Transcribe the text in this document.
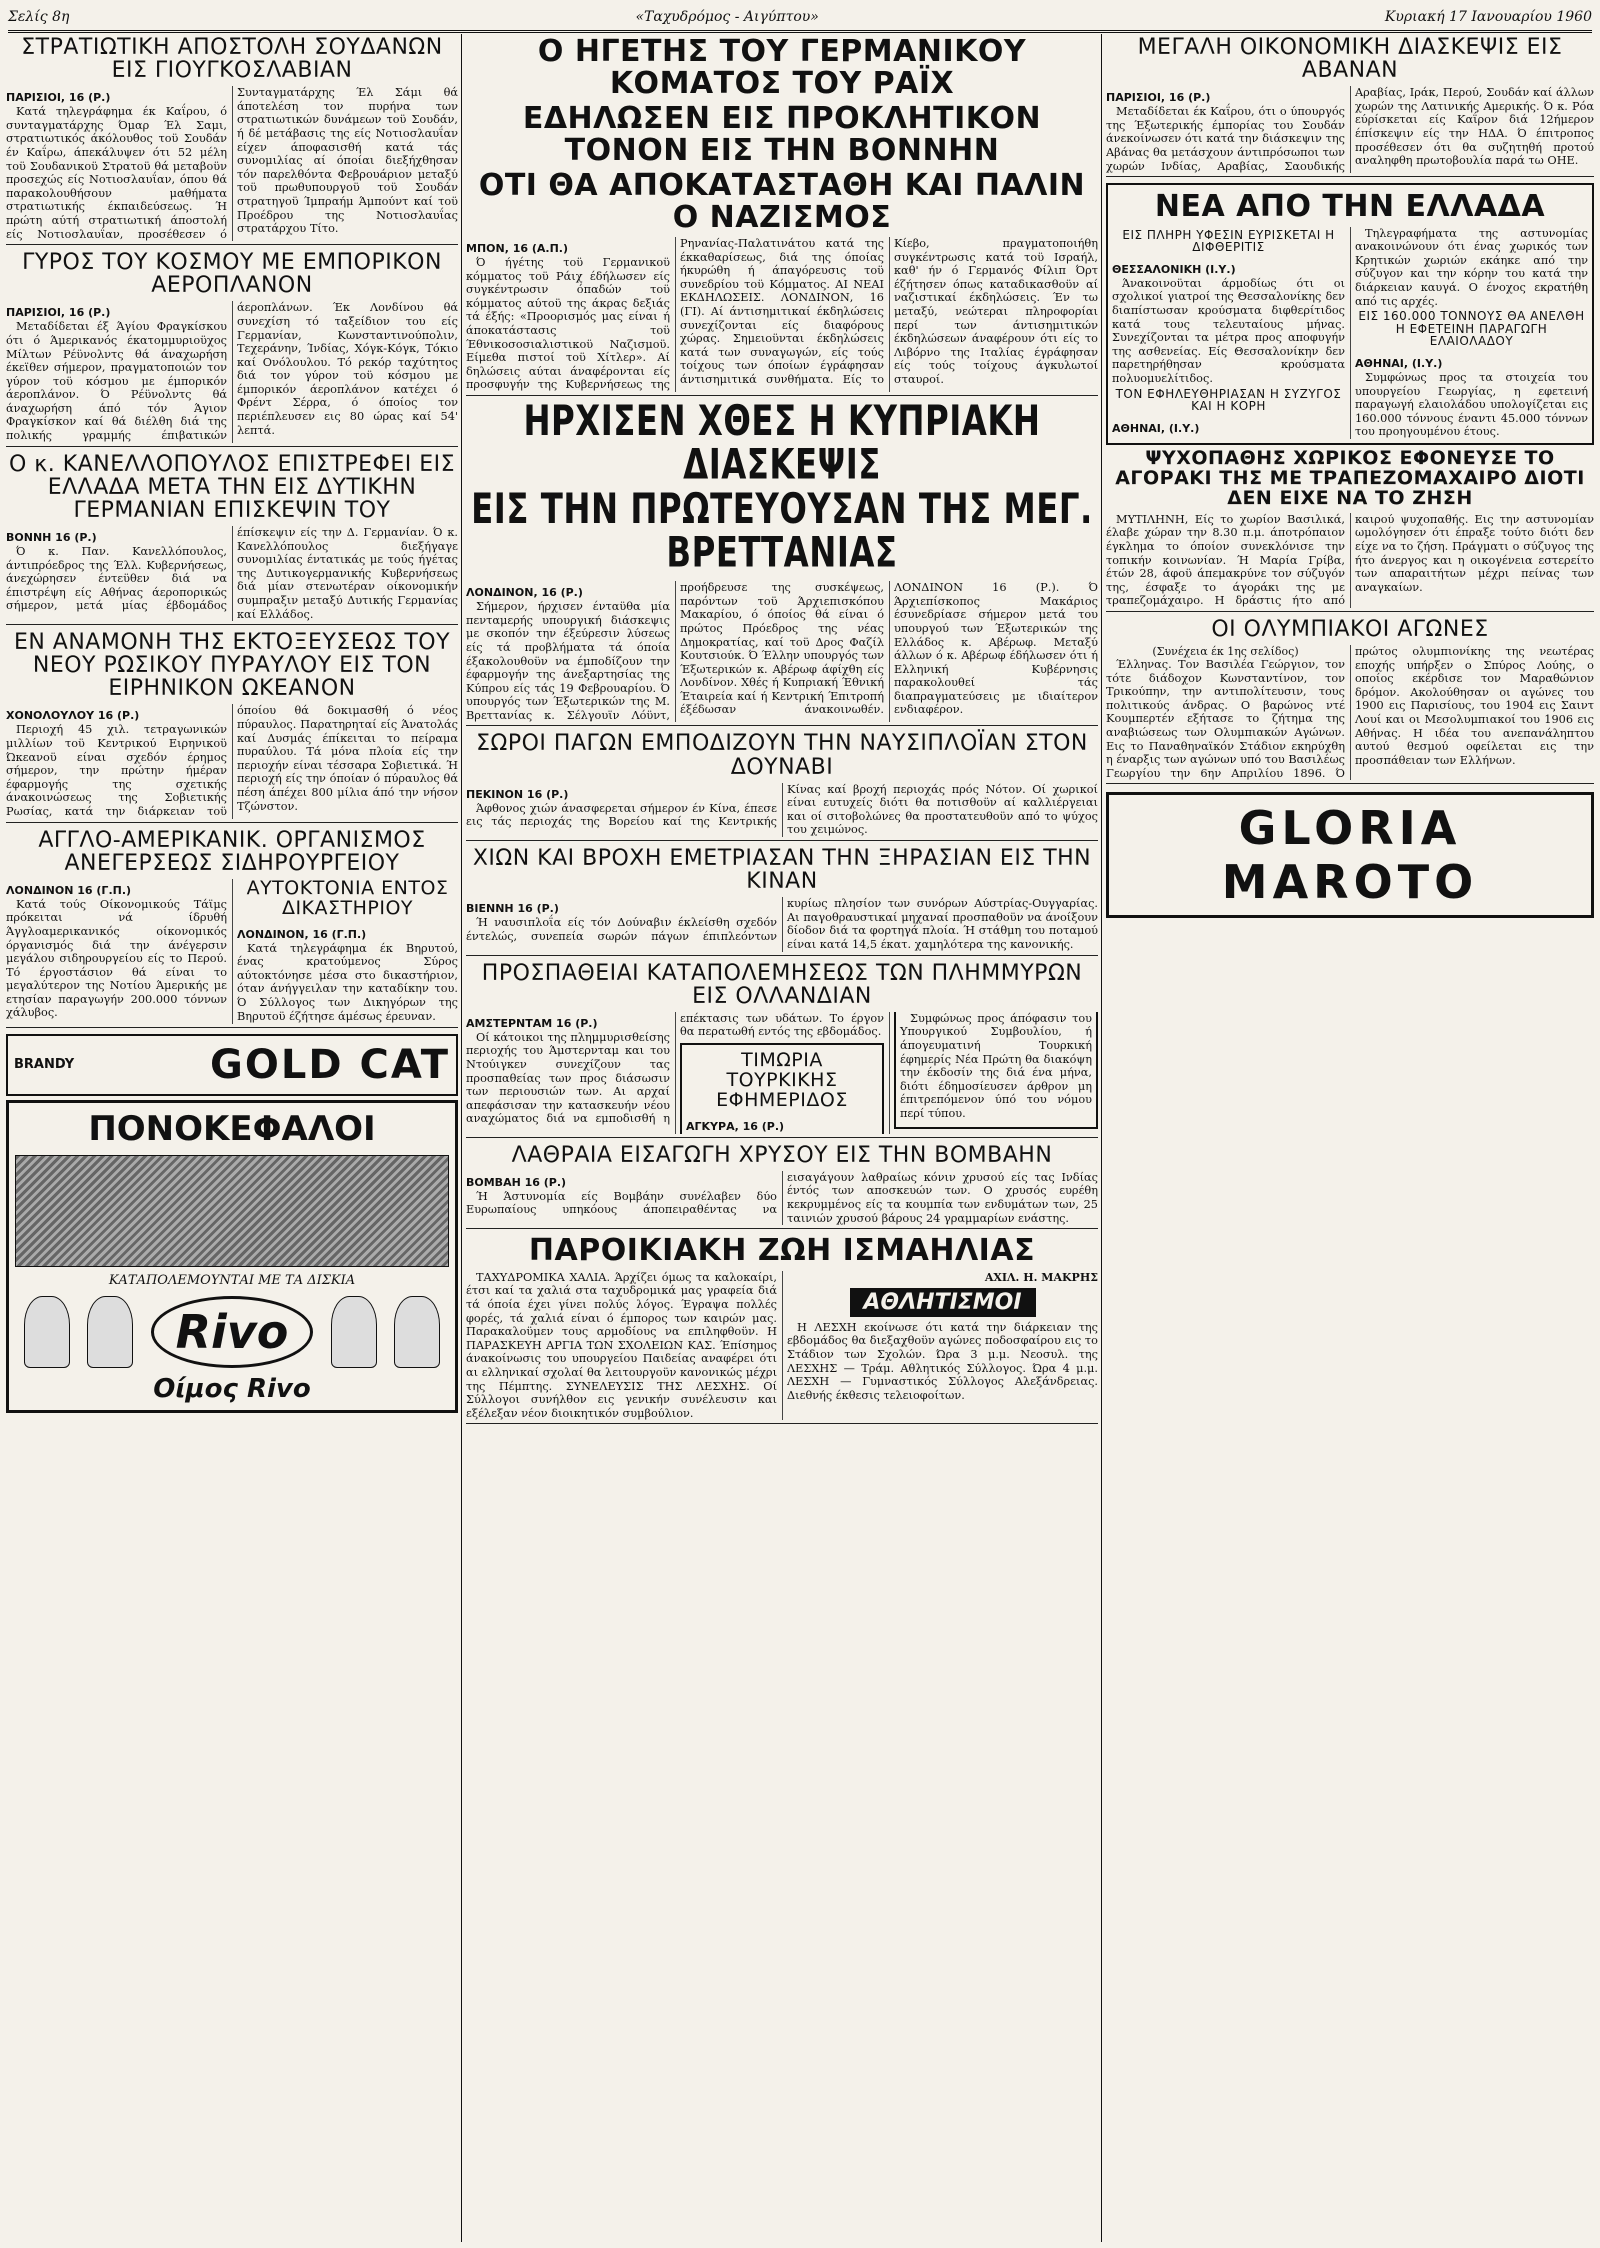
Σελίς 8η	«Ταχυδρόμος - Αιγύπτου»	Κυριακή 17 Ιανουαρίου 1960
ΣΤΡΑΤΙΩΤΙΚΗ ΑΠΟΣΤΟΛΗ ΣΟΥΔΑΝΩΝ ΕΙΣ ΓΙΟΥΓΚΟΣΛΑΒΙΑΝ
ΠΑΡΙΣΙΟΙ, 16 (Ρ.)

Κατά τηλεγράφημα έκ Καΐρου, ό συνταγματάρχης Όμαρ Έλ Σαμι, στρατιωτικός άκόλουθος τοϋ Σουδάν έν Καΐρω, άπεκάλυψεν ότι 52 μέλη τοϋ Σουδανικοϋ Στρατοϋ θά μεταβοϋν προσεχώς είς Νοτιοσλαυΐαν, όπου θά παρακολουθήσουν μαθήματα στρατιωτικής έκπαιδεύσεως. Ή πρώτη αύτή στρατιωτική άποστολή είς Νοτιοσλαυΐαν, προσέθεσεν ό Συνταγματάρχης Έλ Σάμι θά άποτελέση τον πυρήνα των στρατιωτικών δυνάμεων τοϋ Σουδάν, ή δέ μετάβασις της είς Νοτιοσλαυΐαν είχεν άποφασισθή κατά τάς συνομιλίας αί όποίαι διεξήχθησαν τόν παρελθόντα Φεβρουάριον μεταξύ τοϋ πρωθυπουργοϋ τοϋ Σουδάν στρατηγοϋ Ίμπραήμ Άμπούντ καί τοϋ Προέδρου της Νοτιοσλαυΐας στρατάρχου Τίτο.

ΓΥΡΟΣ ΤΟΥ ΚΟΣΜΟΥ ΜΕ ΕΜΠΟΡΙΚΟΝ ΑΕΡΟΠΛΑΝΟΝ
ΠΑΡΙΣΙΟΙ, 16 (Ρ.)

Μεταδίδεται έξ Άγίου Φραγκίσκου ότι ό Άμερικανός έκατομμυριοϋχος Μίλτων Ρέϋνολντς θά άναχωρήση έκεϊθεν σήμερον, πραγματοποιών τον γύρον τοϋ κόσμου με έμπορικόν άεροπλάνον. Ό Ρέϋνολντς θά άναχωρήση άπό τόν Άγιον Φραγκίσκον καί θά διέλθη διά της πολικής γραμμής έπιβατικών άεροπλάνων. Έκ Λονδίνου θά συνεχίση τό ταξείδιον του είς Γερμανίαν, Κωνσταντινούπολιν, Τεχεράνην, Ίνδίας, Χόγκ-Κόγκ, Τόκιο καί Ονόλουλου. Τό ρεκόρ ταχύτητος διά τον γύρον τοϋ κόσμου με έμπορικόν άεροπλάνον κατέχει ό Φρέντ Σέρρα, ό όποίος τον περιέπλευσεν εις 80 ώρας καί 54' λεπτά.

Ο κ. ΚΑΝΕΛΛΟΠΟΥΛΟΣ ΕΠΙΣΤΡΕΦΕΙ ΕΙΣ ΕΛΛΑΔΑ ΜΕΤΑ ΤΗΝ ΕΙΣ ΔΥΤΙΚΗΝ ΓΕΡΜΑΝΙΑΝ ΕΠΙΣΚΕΨΙΝ ΤΟΥ
ΒΟΝΝΗ 16 (Ρ.)

Ό κ. Παν. Κανελλόπουλος, άντιπρόεδρος της Έλλ. Κυβερνήσεως, άνεχώρησεν έντεϋθεν διά να έπιστρέψη είς Αθήνας άεροπορικώς σήμερον, μετά μίας έβδομάδος έπίσκεψιν είς την Δ. Γερμανίαν. Ό κ. Κανελλόπουλος διεξήγαγε συνομιλίας έντατικάς με τούς ήγέτας της Δυτικογερμανικής Κυβερνήσεως διά μίαν στενωτέραν οίκονομικήν συμπραξιν μεταξύ Δυτικής Γερμανίας καί Ελλάδος.

ΕΝ ΑΝΑΜΟΝΗ ΤΗΣ ΕΚΤΟΞΕΥΣΕΩΣ ΤΟΥ ΝΕΟΥ ΡΩΣΙΚΟΥ ΠΥΡΑΥΛΟΥ ΕΙΣ ΤΟΝ ΕΙΡΗΝΙΚΟΝ ΩΚΕΑΝΟΝ
ΧΟΝΟΛΟΥΛΟΥ 16 (Ρ.)

Περιοχή 45 χιλ. τετραγωνικών μιλλίων τοϋ Κεντρικού Ειρηνικοϋ Ώκεανοϋ είναι σχεδόν έρημος σήμερον, την πρώτην ήμέραν έφαρμογής της σχετικής άνακοινώσεως της Σοβιετικής Ρωσίας, κατά την διάρκειαν τοϋ όποίου θά δοκιμασθή ό νέος πύραυλος. Παρατηρηταί είς Άνατολάς καί Δυσμάς έπίκειται το πείραμα πυραύλου. Τά μόνα πλοία είς την περιοχήν είναι τέσσαρα Σοβιετικά. Ή περιοχή είς την όποίαν ό πύραυλος θά πέση άπέχει 800 μίλια άπό την νήσον Τζώνστον.

ΑΓΓΛΟ-ΑΜΕΡΙΚΑΝΙΚ. ΟΡΓΑΝΙΣΜΟΣ ΑΝΕΓΕΡΣΕΩΣ ΣΙΔΗΡΟΥΡΓΕΙΟΥ
ΛΟΝΔΙΝΟΝ 16 (Γ.Π.)

Κατά τούς Οίκονομικούς Τάϊμς πρόκειται νά ίδρυθή Άγγλοαμερικανικός οίκονομικός όργανισμός διά την άνέγερσιν μεγάλου σιδηρουργείου είς το Περού. Τό έργοστάσιον θά είναι το μεγαλύτερον της Νοτίου Άμερικής με ετησίαν παραγωγήν 200.000 τόννων χάλυβος.

ΑΥΤΟΚΤΟΝΙΑ ΕΝΤΟΣ ΔΙΚΑΣΤΗΡΙΟΥ
ΛΟΝΔΙΝΟΝ, 16 (Γ.Π.)

Κατά τηλεγράφημα έκ Βηρυτού, ένας κρατούμενος Σύρος αύτοκτόνησε μέσα στο δικαστήριον, όταν άνήγγειλαν την καταδίκην του. Ό Σύλλογος των Δικηγόρων της Βηρυτοϋ έζήτησε άμέσως έρευναν.

BRANDY	GOLD CAT
ΠΟΝΟΚΕΦΑΛΟΙ
ΚΑΤΑΠΟΛΕΜΟΥΝΤΑΙ ΜΕ ΤΑ ΔΙΣΚΙΑ
Rivo
Οίμος Rivo
Ο ΗΓΕΤΗΣ ΤΟΥ ΓΕΡΜΑΝΙΚΟΥ ΚΟΜΑΤΟΣ ΤΟΥ ΡΑΪΧ
ΕΔΗΛΩΣΕΝ ΕΙΣ ΠΡΟΚΛΗΤΙΚΟΝ ΤΟΝΟΝ ΕΙΣ ΤΗΝ ΒΟΝΝΗΝ
ΟΤΙ ΘΑ ΑΠΟΚΑΤΑΣΤΑΘΗ ΚΑΙ ΠΑΛΙΝ Ο ΝΑΖΙΣΜΟΣ
ΜΠΟΝ, 16 (Α.Π.)

Ό ήγέτης τοϋ Γερμανικοϋ κόμματος τοϋ Ράιχ έδήλωσεν είς συγκέντρωσιν όπαδών τοϋ κόμματος αύτοϋ της άκρας δεξιάς τά έξής: «Προορισμός μας είναι ή άποκατάστασις τοϋ Έθνικοσοσιαλιστικοϋ Ναζισμοϋ. Είμεθα πιστοί τοϋ Χίτλερ». Αί δηλώσεις αύται άναφέρονται είς προσφυγήν της Κυβερνήσεως της Ρηνανίας-Παλατινάτου κατά της έκκαθαρίσεως, διά της όποίας ήκυρώθη ή άπαγόρευσις τοϋ συνεδρίου τοϋ Κόμματος. ΑΙ ΝΕΑΙ ΕΚΔΗΛΩΣΕΙΣ. ΛΟΝΔΙΝΟΝ, 16 (ΓΙ). Αί άντισημιτικαί έκδηλώσεις συνεχίζονται είς διαφόρους χώρας. Σημειοϋνται έκδηλώσεις κατά των συναγωγών, είς τούς τοίχους των όποίων έγράφησαν άντισημιτικά συνθήματα. Είς το Κίεβο, πραγματοποιήθη συγκέντρωσις κατά τοϋ Ισραήλ, καθ' ήν ό Γερμανός Φίλιπ Όρτ έζήτησεν όπως καταδικασθοϋν αί ναζιστικαί έκδηλώσεις. Έν τω μεταξύ, νεώτεραι πληροφορίαι περί των άντισημιτικών έκδηλώσεων άναφέρουν ότι είς το Λιβόρνο της Ιταλίας έγράφησαν είς τούς τοίχους άγκυλωτοί σταυροί.

ΗΡΧΙΣΕΝ ΧΘΕΣ Η ΚΥΠΡΙΑΚΗ ΔΙΑΣΚΕΨΙΣ
ΕΙΣ ΤΗΝ ΠΡΩΤΕΥΟΥΣΑΝ ΤΗΣ ΜΕΓ. ΒΡΕΤΤΑΝΙΑΣ
ΛΟΝΔΙΝΟΝ, 16 (Ρ.)

Σήμερον, ήρχισεν ένταϋθα μία πενταμερής υπουργική διάσκεψις με σκοπόν την έξεύρεσιν λύσεως είς τά προβλήματα τά όποία έξακολουθοϋν να έμποδίζουν την έφαρμογήν της άνεξαρτησίας της Κύπρου είς τάς 19 Φεβρουαρίου. Ό υπουργός των Έξωτερικών της Μ. Βρεττανίας κ. Σέλγουϊν Λόϋντ, προήδρευσε της συσκέψεως, παρόντων τοϋ Άρχιεπισκόπου Μακαρίου, ό όποίος θά είναι ό πρώτος Πρόεδρος της νέας Δημοκρατίας, καί τοϋ Δρος Φαζίλ Κουτσιούκ. Ό Έλλην υπουργός των Έξωτερικών κ. Αβέρωφ άφίχθη είς Λονδίνον. Χθές ή Κυπριακή Έθνική Έταιρεία καί ή Κεντρική Έπιτροπή έξέδωσαν άνακοινωθέν. ΛΟΝΔΙΝΟΝ 16 (Ρ.). Ό Άρχιεπίσκοπος Μακάριος έσυνεδρίασε σήμερον μετά του υπουργού των Έξωτερικών της Ελλάδος κ. Αβέρωφ. Μεταξύ άλλων ό κ. Αβέρωφ έδήλωσεν ότι ή Ελληνική Κυβέρνησις παρακολουθεί τάς διαπραγματεύσεις με ιδιαίτερον ενδιαφέρον.

ΣΩΡΟΙ ΠΑΓΩΝ ΕΜΠΟΔΙΖΟΥΝ ΤΗΝ ΝΑΥΣΙΠΛΟΪΑΝ ΣΤΟΝ ΔΟΥΝΑΒΙ
ΠΕΚΙΝΟΝ 16 (Ρ.)

Άφθονος χιών άνασφερεται σήμερον έν Κίνα, έπεσε εις τάς περιοχάς της Βορείου καί της Κεντρικής Κίνας καί βροχή περιοχάς πρός Νότον. Οί χωρικοί είναι ευτυχείς διότι θα ποτισθοϋν αί καλλιέργειαι και οί σιτοβολώνες θα προστατευθοϋν από το ψύχος του χειμώνος.

ΧΙΩΝ ΚΑΙ ΒΡΟΧΗ ΕΜΕΤΡΙΑΣΑΝ ΤΗΝ ΞΗΡΑΣΙΑΝ ΕΙΣ ΤΗΝ ΚΙΝΑΝ
ΒΙΕΝΝΗ 16 (Ρ.)

Ή ναυσιπλοΐα είς τόν Δούναβιν έκλείσθη σχεδόν έντελώς, συνεπεία σωρών πάγων έπιπλεόντων κυρίως πλησίον των συνόρων Αύστρίας-Ουγγαρίας. Αι παγοθραυστικαί μηχαναί προσπαθοϋν να άνοίξουν δίοδον διά τα φορτηγά πλοία. Ή στάθμη του ποταμού είναι κατά 14,5 έκατ. χαμηλότερα της κανονικής.

ΠΡΟΣΠΑΘΕΙΑΙ ΚΑΤΑΠΟΛΕΜΗΣΕΩΣ ΤΩΝ ΠΛΗΜΜΥΡΩΝ ΕΙΣ ΟΛΛΑΝΔΙΑΝ
ΑΜΣΤΕΡΝΤΑΜ 16 (Ρ.)

Οί κάτοικοι της πλημμυρισθείσης περιοχής του Άμστερνταμ και του Ντούιγκεν συνεχίζουν τας προσπαθείας των προς διάσωσιν των περιουσιών των. Αι αρχαί απεφάσισαν την κατασκευήν νέου αναχώματος διά να εμποδισθή η επέκτασις των υδάτων. Το έργον θα περατωθή εντός της εβδομάδος.

ΤΙΜΩΡΙΑ ΤΟΥΡΚΙΚΗΣ ΕΦΗΜΕΡΙΔΟΣ
ΑΓΚΥΡΑ, 16 (Ρ.)

Συμφώνως προς άπόφασιν του Υπουργικού Συμβουλίου, ή άπογευματινή Τουρκική έφημερίς Νέα Πρώτη θα διακόψη την έκδοσίν της διά ένα μήνα, διότι έδημοσίευσεν άρθρον μη έπιτρεπόμενον ύπό του νόμου περί τύπου.

ΛΑΘΡΑΙΑ ΕΙΣΑΓΩΓΗ ΧΡΥΣΟΥ ΕΙΣ ΤΗΝ ΒΟΜΒΑΗΝ
ΒΟΜΒΑΗ 16 (Ρ.)

Ή Άστυνομία είς Βομβάην συνέλαβεν δύο Ευρωπαίους υπηκόους άποπειραθέντας να εισαγάγουν λαθραίως κόνιν χρυσού είς τας Ινδίας έντός των αποσκευών των. Ο χρυσός ευρέθη κεκρυμμένος είς τα κουμπία των ενδυμάτων των, 25 ταινιών χρυσού βάρους 24 γραμμαρίων ενάστης.

ΠΑΡΟΙΚΙΑΚΗ ΖΩΗ ΙΣΜΑΗΛΙΑΣ

ΤΑΧΥΔΡΟΜΙΚΑ ΧΑΛΙΑ. Άρχίζει όμως τα καλοκαίρι, έτσι καί τα χαλιά στα ταχυδρομικά μας γραφεία διά τά όποία έχει γίνει πολύς λόγος. Έγραψα πολλές φορές, τά χαλιά είναι ό έμπορος των καιρών μας. Παρακαλοϋμεν τους αρμοδίους να επιληφθοϋν. Η ΠΑΡΑΣΚΕΥΗ ΑΡΓΙΑ ΤΩΝ ΣΧΟΛΕΙΩΝ ΚΑΣ. Έπίσημος άνακοίνωσις του υπουργείου Παιδείας αναφέρει ότι αι ελληνικαί σχολαί θα λειτουργοϋν κανονικώς μέχρι της Πέμπτης. ΣΥΝΕΛΕΥΣΙΣ ΤΗΣ ΛΕΣΧΗΣ. Οί Σύλλογοι συνήλθον εις γενικήν συνέλευσιν και εξέλεξαν νέον διοικητικόν συμβούλιον.

ΑΧΙΛ. Η. ΜΑΚΡΗΣ
ΑΘΛΗΤΙΣΜΟΙ

Η ΛΕΣΧΗ εκοίνωσε ότι κατά την διάρκειαν της εβδομάδος θα διεξαχθοϋν αγώνες ποδοσφαίρου εις το Στάδιον των Σχολών. Ώρα 3 μ.μ. Νεοσυλ. της ΛΕΣΧΗΣ — Τράμ. Αθλητικός Σύλλογος. Ώρα 4 μ.μ. ΛΕΣΧΗ — Γυμναστικός Σύλλογος Αλεξάνδρειας. Διεθνής έκθεσις τελειοφοίτων.

ΜΕΓΑΛΗ ΟΙΚΟΝΟΜΙΚΗ ΔΙΑΣΚΕΨΙΣ ΕΙΣ ΑΒΑΝΑΝ
ΠΑΡΙΣΙΟΙ, 16 (Ρ.)

Μεταδίδεται έκ Καΐρου, ότι ο ύπουργός της Έξωτερικής έμπορίας του Σουδάν άνεκοίνωσεν ότι κατά την διάσκεψιν της Αβάνας θα μετάσχουν άντιπρόσωποι των χωρών Ινδίας, Αραβίας, Σαουδικής Αραβίας, Ιράκ, Περού, Σουδάν καί άλλων χωρών της Λατινικής Αμερικής. Ό κ. Ρόα εύρίσκεται είς Καΐρον διά 12ήμερον έπίσκεψιν είς την ΗΔΑ. Ό έπιτροπος προσέθεσεν ότι θα συζητηθή προτού αναληφθη πρωτοβουλία παρά τω ΟΗΕ.

ΝΕΑ ΑΠΟ ΤΗΝ ΕΛΛΑΔΑ
ΕΙΣ ΠΛΗΡΗ ΥΦΕΣΙΝ ΕΥΡΙΣΚΕΤΑΙ Η ΔΙΦΘΕΡΙΤΙΣ
ΘΕΣΣΑΛΟΝΙΚΗ (Ι.Υ.)

Άνακοινοϋται άρμοδίως ότι οι σχολικοί γιατροί της Θεσσαλονίκης δεν διαπίστωσαν κρούσματα διφθερίτιδος κατά τους τελευταίους μήνας. Συνεχίζονται τα μέτρα προς αποφυγήν της ασθενείας. Είς Θεσσαλονίκην δεν παρετηρήθησαν κρούσματα πολυομυελίτιδος.

ΤΟΝ ΕΦΗΛΕΥΘΗΡΙΑΣΑΝ Η ΣΥΖΥΓΟΣ ΚΑΙ Η ΚΟΡΗ
ΑΘΗΝΑΙ, (Ι.Υ.)

Τηλεγραφήματα της αστυνομίας ανακοινώνουν ότι ένας χωρικός των Κρητικών χωριών εκάηκε από την σύζυγον και την κόρην του κατά την διάρκειαν καυγά. Ο ένοχος εκρατήθη από τις αρχές.

ΕΙΣ 160.000 ΤΟΝΝΟΥΣ ΘΑ ΑΝΕΛΘΗ Η ΕΦΕΤΕΙΝΗ ΠΑΡΑΓΩΓΗ ΕΛΑΙΟΛΑΔΟΥ
ΑΘΗΝΑΙ, (Ι.Υ.)

Συμφώνως προς τα στοιχεία του υπουργείου Γεωργίας, η εφετεινή παραγωγή ελαιολάδου υπολογίζεται εις 160.000 τόννους έναντι 45.000 τόννων του προηγουμένου έτους.

ΨΥΧΟΠΑΘΗΣ ΧΩΡΙΚΟΣ ΕΦΟΝΕΥΣΕ ΤΟ ΑΓΟΡΑΚΙ ΤΗΣ ΜΕ ΤΡΑΠΕΖΟΜΑΧΑΙΡΟ ΔΙΟΤΙ ΔΕΝ ΕΙΧΕ ΝΑ ΤΟ ΖΗΣΗ

ΜΥΤΙΛΗΝΗ, Είς το χωρίον Βασιλικά, έλαβε χώραν την 8.30 π.μ. άποτρόπαιον έγκλημα το όποίον συνεκλόνισε την τοπικήν κοινωνίαν. Ή Μαρία Γρίβα, έτών 28, άφοϋ άπεμακρύνε τον σύζυγόν της, έσφαξε το άγοράκι της με τραπεζομάχαιρο. Η δράστις ήτο από καιρού ψυχοπαθής. Εις την αστυνομίαν ωμολόγησεν ότι έπραξε τούτο διότι δεν είχε να το ζήση. Πράγματι ο σύζυγος της ήτο άνεργος και η οικογένεια εστερείτο των απαραιτήτων μέχρι πείνας των αναγκαίων.

ΟΙ ΟΛΥΜΠΙΑΚΟΙ ΑΓΩΝΕΣ
(Συνέχεια έκ 1ης σελίδος)

Έλληνας. Τον Βασιλέα Γεώργιον, τον τότε διάδοχον Κωνσταντίνον, τον Τρικούπην, την αντιπολίτευσιν, τους πολιτικούς άνδρας. Ο βαρώνος ντέ Κουμπερτέν εξήτασε το ζήτημα της αναβιώσεως των Ολυμπιακών Αγώνων. Εις το Παναθηναϊκόν Στάδιον εκηρύχθη η έναρξις των αγώνων υπό του Βασιλέως Γεωργίου την 6ην Απριλίου 1896. Ό πρώτος ολυμπιονίκης της νεωτέρας εποχής υπήρξεν ο Σπύρος Λούης, ο οποίος εκέρδισε τον Μαραθώνιον δρόμον. Ακολούθησαν οι αγώνες του 1900 εις Παρισίους, του 1904 εις Σαιντ Λουί και οι Μεσολυμπιακοί του 1906 εις Αθήνας. Η ιδέα του ανεπανάληπτου αυτού θεσμού οφείλεται εις την προσπάθειαν των Ελλήνων.

GLORIA MAROTO
